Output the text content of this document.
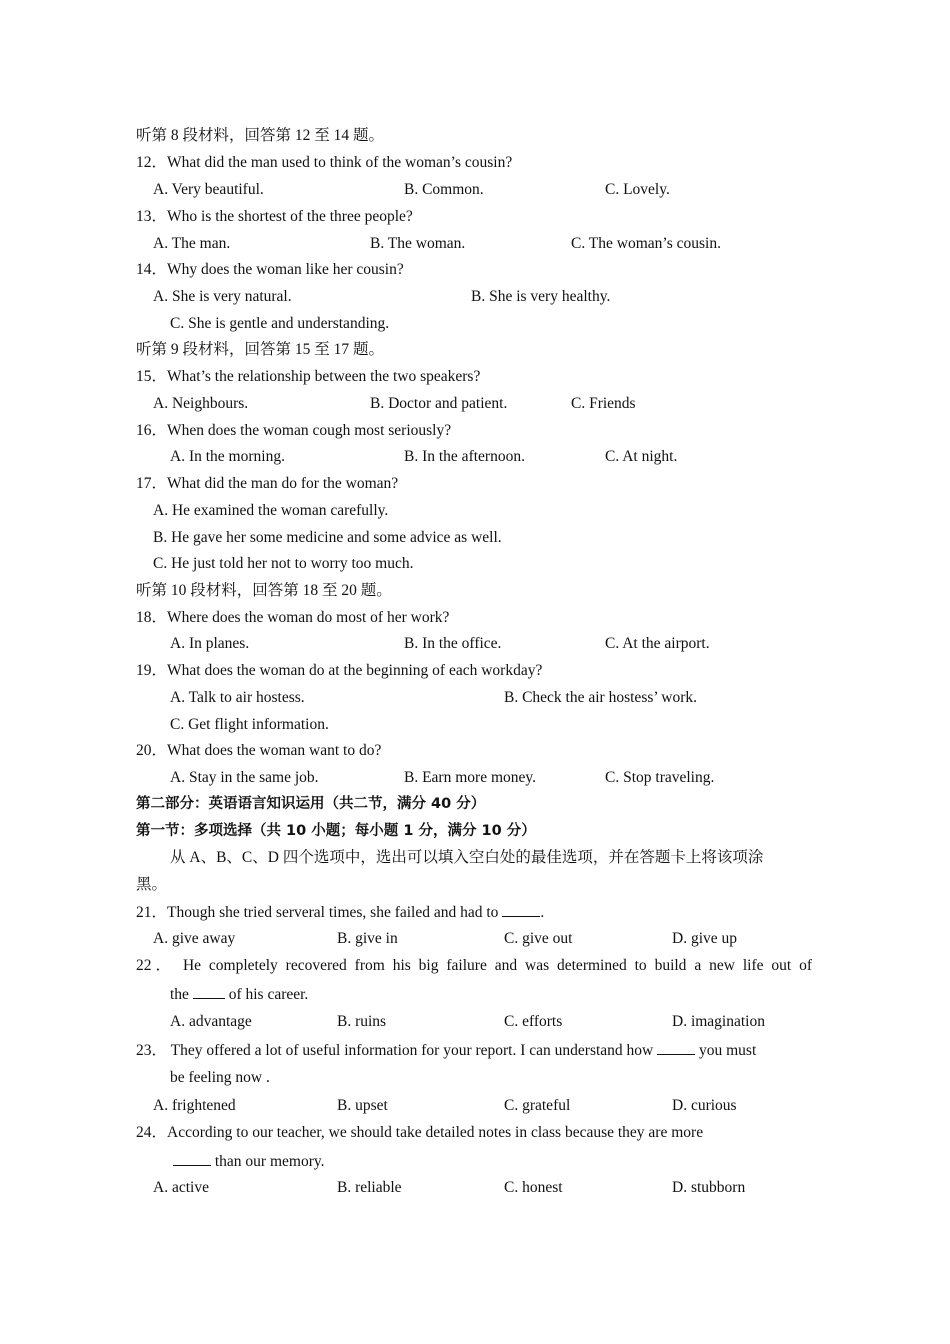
听第 8 段材料，回答第 12 至 14 题。
12．What did the man used to think of the woman’s cousin?
A. Very beautiful.	B. Common.	C. Lovely.
13．Who is the shortest of the three people?
A. The man.	B. The woman.	C. The woman’s cousin.
14．Why does the woman like her cousin?
A. She is very natural.	B. She is very healthy.
C. She is gentle and understanding.
听第 9 段材料，回答第 15 至 17 题。
15．What’s the relationship between the two speakers?
A. Neighbours.	B. Doctor and patient.	C. Friends
16．When does the woman cough most seriously?
A. In the morning.	B. In the afternoon.	C. At night.
17．What did the man do for the woman?
A. He examined the woman carefully.
B. He gave her some medicine and some advice as well.
C. He just told her not to worry too much.
听第 10 段材料，回答第 18 至 20 题。
18．Where does the woman do most of her work?
A. In planes.	B. In the office.	C. At the airport.
19．What does the woman do at the beginning of each workday?
A. Talk to air hostess.	B. Check the air hostess’ work.
C. Get flight information.
20．What does the woman want to do?
A. Stay in the same job.	B. Earn more money.	C. Stop traveling.
第二部分：英语语言知识运用（共二节，满分 40 分）
第一节：多项选择（共 10 小题；每小题 1 分，满分 10 分）
从 A、B、C、D 四个选项中，选出可以填入空白处的最佳选项，并在答题卡上将该项涂
黑。
21．Though she tried serveral times, she failed and had to .
A. give away	B. give in	C. give out	D. give up
22． He completely recovered from his big failure and was determined to build a new life out of
the  of his career.
A. advantage	B. ruins	C. efforts	D. imagination
23． They offered a lot of useful information for your report. I can understand how  you must
be feeling now .
A. frightened	B. upset	C. grateful	D. curious
24．According to our teacher, we should take detailed notes in class because they are more
than our memory.
A. active	B. reliable	C. honest	D. stubborn
